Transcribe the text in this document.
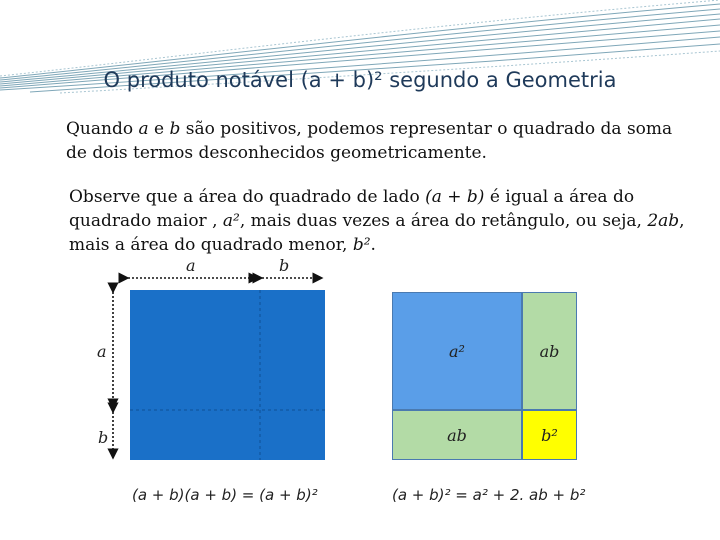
O produto notável (a + b)² segundo a Geometria

Quando a e b são positivos, podemos representar o quadrado da soma de dois termos desconhecidos geometricamente.

Observe que a área do quadrado de lado (a + b) é igual a área do quadrado maior , a², mais duas vezes a área do retângulo, ou seja, 2ab, mais a área do quadrado menor, b².

a	b
a
b
a²	ab
ab	b²
(a + b)(a + b) = (a + b)²	(a + b)² = a² + 2. ab + b²
